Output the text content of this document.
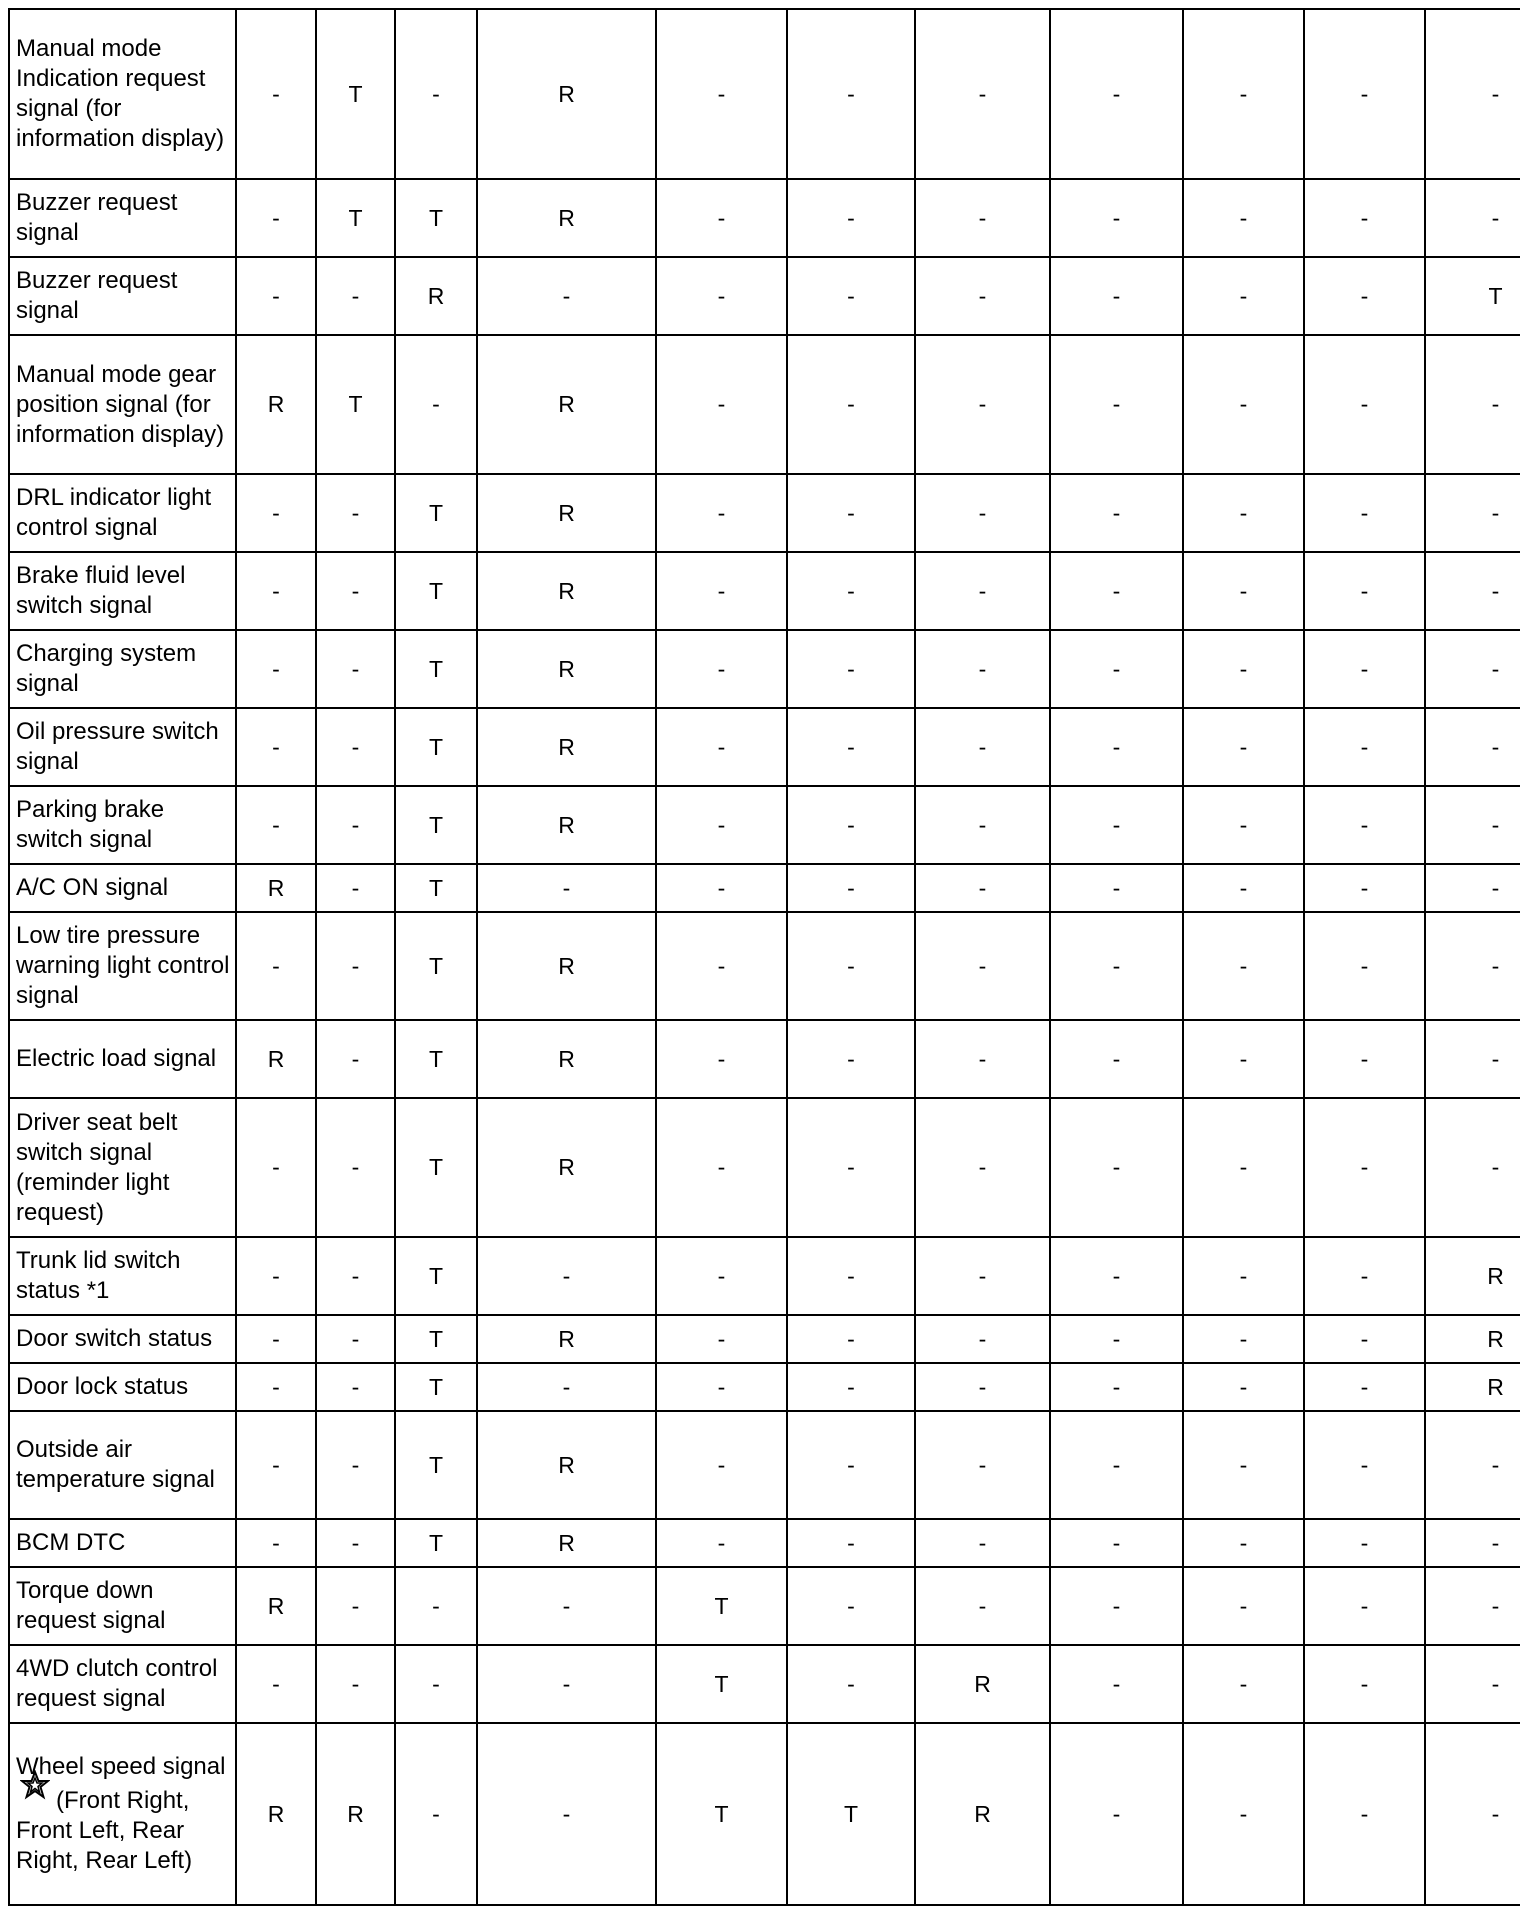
Manual mode Indication request signal (for information display)	-	T	-	R	-	-	-	-	-	-	-
Buzzer request signal	-	T	T	R	-	-	-	-	-	-	-
Buzzer request signal	-	-	R	-	-	-	-	-	-	-	T
Manual mode gear position signal (for information display)	R	T	-	R	-	-	-	-	-	-	-
DRL indicator light control signal	-	-	T	R	-	-	-	-	-	-	-
Brake fluid level switch signal	-	-	T	R	-	-	-	-	-	-	-
Charging system signal	-	-	T	R	-	-	-	-	-	-	-
Oil pressure switch signal	-	-	T	R	-	-	-	-	-	-	-
Parking brake switch signal	-	-	T	R	-	-	-	-	-	-	-
A/C ON signal	R	-	T	-	-	-	-	-	-	-	-
Low tire pressure warning light control signal	-	-	T	R	-	-	-	-	-	-	-
Electric load signal	R	-	T	R	-	-	-	-	-	-	-
Driver seat belt switch signal (reminder light request)	-	-	T	R	-	-	-	-	-	-	-
Trunk lid switch status *1	-	-	T	-	-	-	-	-	-	-	R
Door switch status	-	-	T	R	-	-	-	-	-	-	R
Door lock status	-	-	T	-	-	-	-	-	-	-	R
Outside air temperature signal	-	-	T	R	-	-	-	-	-	-	-
BCM DTC	-	-	T	R	-	-	-	-	-	-	-
Torque down request signal	R	-	-	-	T	-	-	-	-	-	-
4WD clutch control request signal	-	-	-	-	T	-	R	-	-	-	-
Wheel speed signal(Front Right, Front Left, Rear Right, Rear Left)	R	R	-	-	T	T	R	-	-	-	-
